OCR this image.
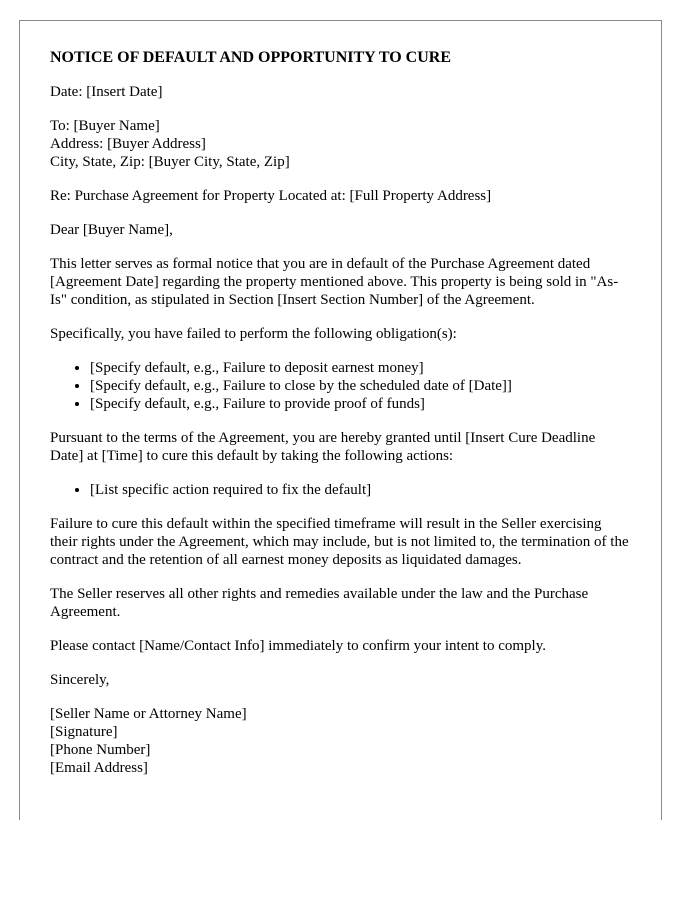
NOTICE OF DEFAULT AND OPPORTUNITY TO CURE

Date: [Insert Date]

To: [Buyer Name]
Address: [Buyer Address]
City, State, Zip: [Buyer City, State, Zip]

Re: Purchase Agreement for Property Located at: [Full Property Address]

Dear [Buyer Name],

This letter serves as formal notice that you are in default of the Purchase Agreement dated [Agreement Date] regarding the property mentioned above. This property is being sold in "As-Is" condition, as stipulated in Section [Insert Section Number] of the Agreement.

Specifically, you have failed to perform the following obligation(s):

• [Specify default, e.g., Failure to deposit earnest money]
• [Specify default, e.g., Failure to close by the scheduled date of [Date]]
• [Specify default, e.g., Failure to provide proof of funds]

Pursuant to the terms of the Agreement, you are hereby granted until [Insert Cure Deadline Date] at [Time] to cure this default by taking the following actions:

• [List specific action required to fix the default]

Failure to cure this default within the specified timeframe will result in the Seller exercising their rights under the Agreement, which may include, but is not limited to, the termination of the contract and the retention of all earnest money deposits as liquidated damages.

The Seller reserves all other rights and remedies available under the law and the Purchase Agreement.

Please contact [Name/Contact Info] immediately to confirm your intent to comply.

Sincerely,

[Seller Name or Attorney Name]
[Signature]
[Phone Number]
[Email Address]
